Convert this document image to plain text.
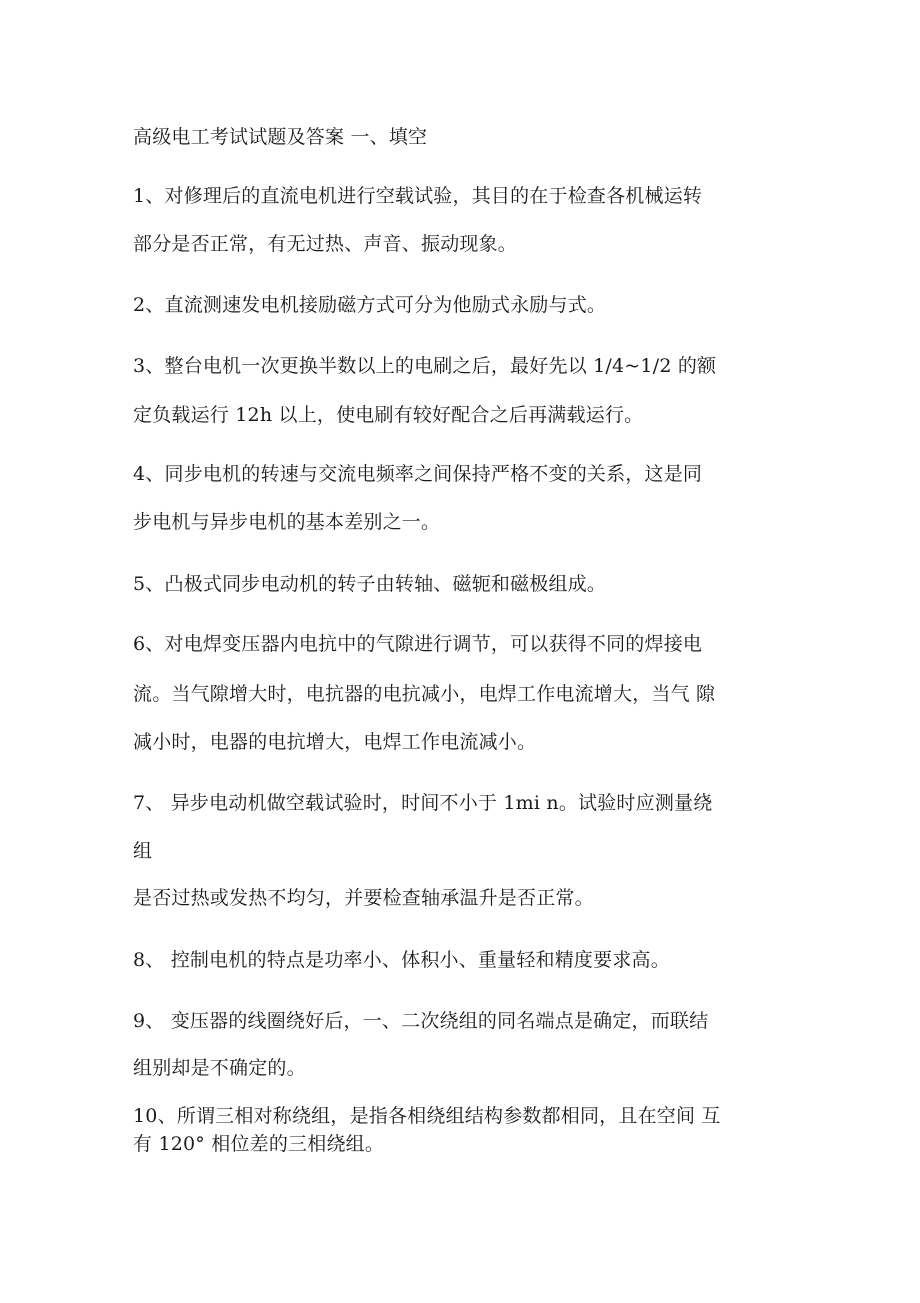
高级电工考试试题及答案 一、填空
1、对修理后的直流电机进行空载试验，其目的在于检查各机械运转
部分是否正常，有无过热、声音、振动现象。
2、直流测速发电机接励磁方式可分为他励式永励与式。
3、整台电机一次更换半数以上的电刷之后，最好先以 1/4~1/2 的额
定负载运行 12h 以上，使电刷有较好配合之后再满载运行。
4、同步电机的转速与交流电频率之间保持严格不变的关系，这是同
步电机与异步电机的基本差别之一。
5、凸极式同步电动机的转子由转轴、磁轭和磁极组成。
6、对电焊变压器内电抗中的气隙进行调节，可以获得不同的焊接电
流。当气隙增大时，电抗器的电抗减小，电焊工作电流增大，当气 隙
减小时，电器的电抗增大，电焊工作电流减小。
7、 异步电动机做空载试验时，时间不小于 1mi n。试验时应测量绕
组
是否过热或发热不均匀，并要检查轴承温升是否正常。
8、 控制电机的特点是功率小、体积小、重量轻和精度要求高。
9、 变压器的线圈绕好后，一、二次绕组的同名端点是确定，而联结
组别却是不确定的。
10、所谓三相对称绕组，是指各相绕组结构参数都相同，且在空间 互
有 120° 相位差的三相绕组。
